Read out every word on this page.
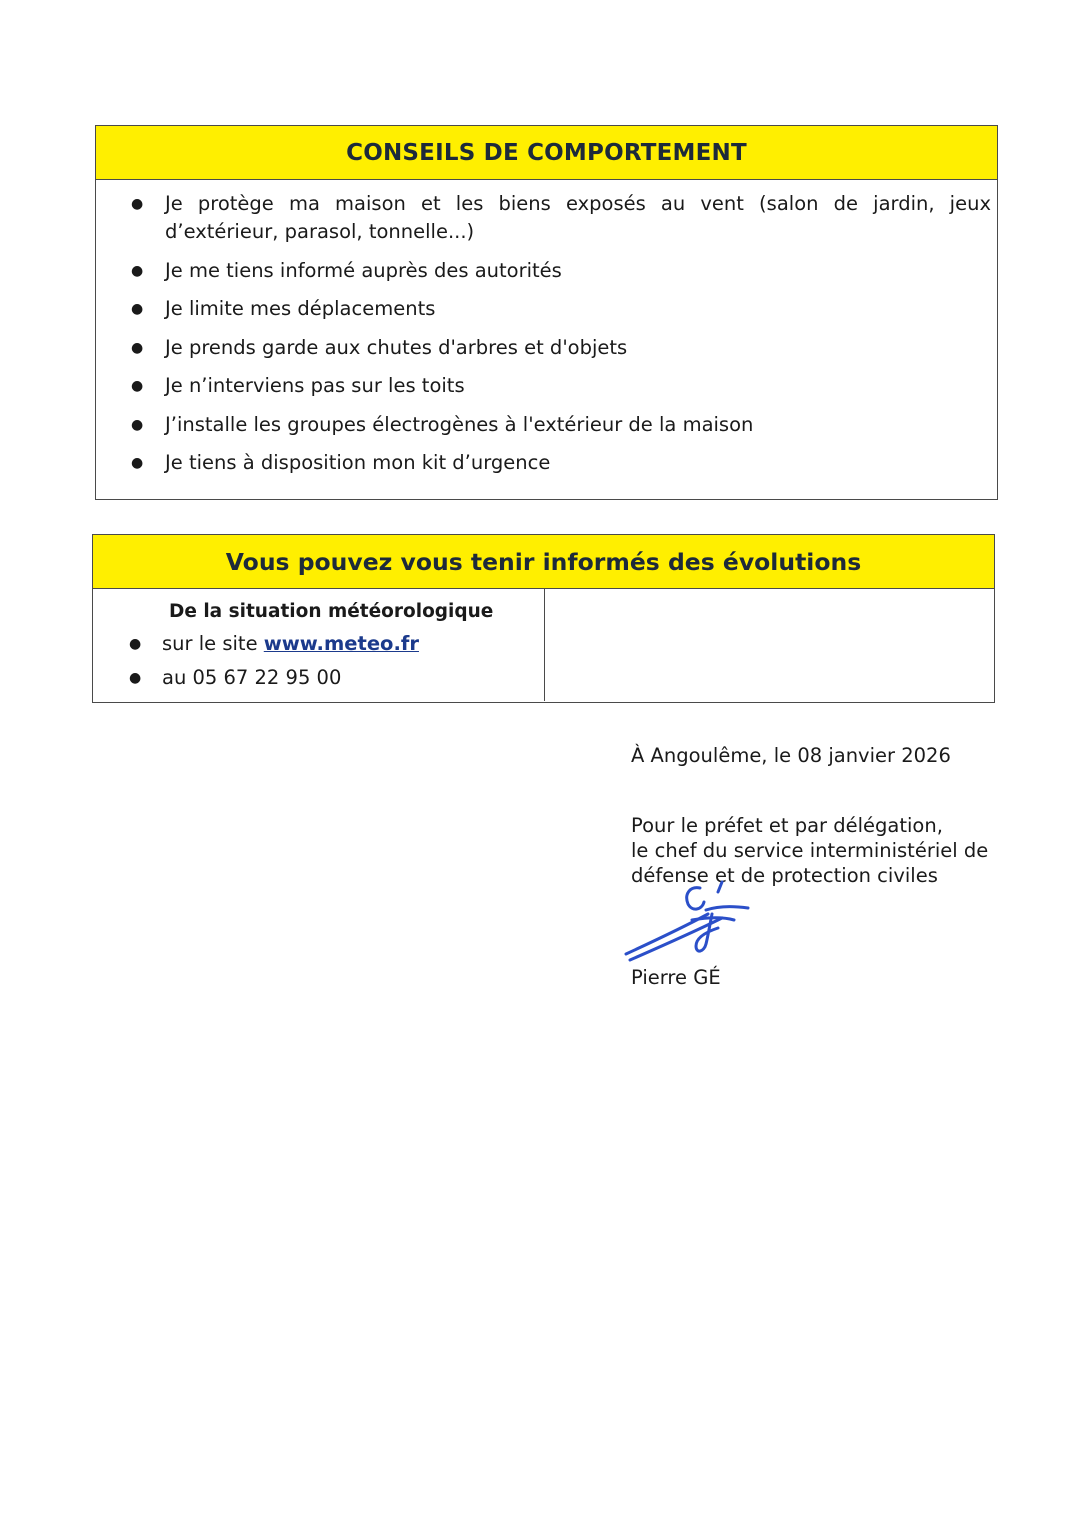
CONSEILS DE COMPORTEMENT
● Je protège ma maison et les biens exposés au vent (salon de jardin, jeux d’extérieur, parasol, tonnelle...)
● Je me tiens informé auprès des autorités
● Je limite mes déplacements
● Je prends garde aux chutes d'arbres et d'objets
● Je n’interviens pas sur les toits
● J’installe les groupes électrogènes à l'extérieur de la maison
● Je tiens à disposition mon kit d’urgence
Vous pouvez vous tenir informés des évolutions
De la situation météorologique
● sur le site www.meteo.fr
● au 05 67 22 95 00
À Angoulême, le 08 janvier 2026
Pour le préfet et par délégation,
le chef du service interministériel de
défense et de protection civiles
Pierre GÉ
